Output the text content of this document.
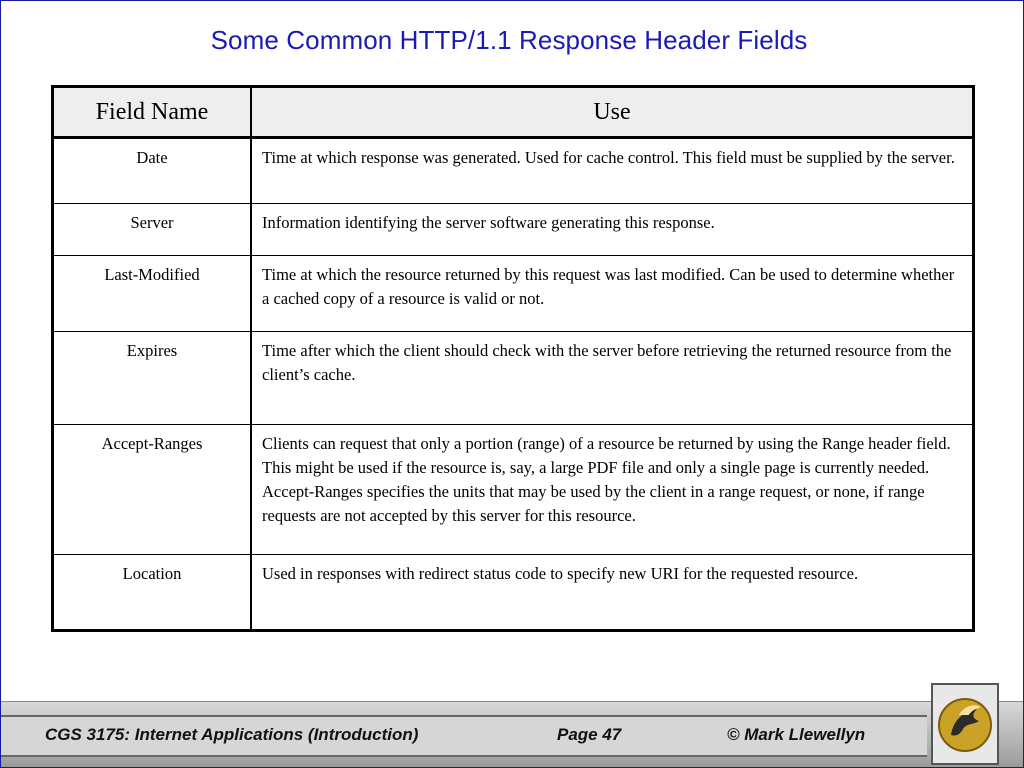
Some Common HTTP/1.1 Response Header Fields
Field Name	Use
Date	Time at which response was generated. Used for cache control. This field must be supplied by the server.
Server	Information identifying the server software generating this response.
Last-Modified	Time at which the resource returned by this request was last modified. Can be used to determine whether a cached copy of a resource is valid or not.
Expires	Time after which the client should check with the server before retrieving the returned resource from the client’s cache.
Accept-Ranges	Clients can request that only a portion (range) of a resource be returned by using the Range header field. This might be used if the resource is, say, a large PDF file and only a single page is currently needed. Accept-Ranges specifies the units that may be used by the client in a range request, or none, if range requests are not accepted by this server for this resource.
Location	Used in responses with redirect status code to specify new URI for the requested resource.
CGS 3175: Internet Applications (Introduction)	Page 47	© Mark Llewellyn
